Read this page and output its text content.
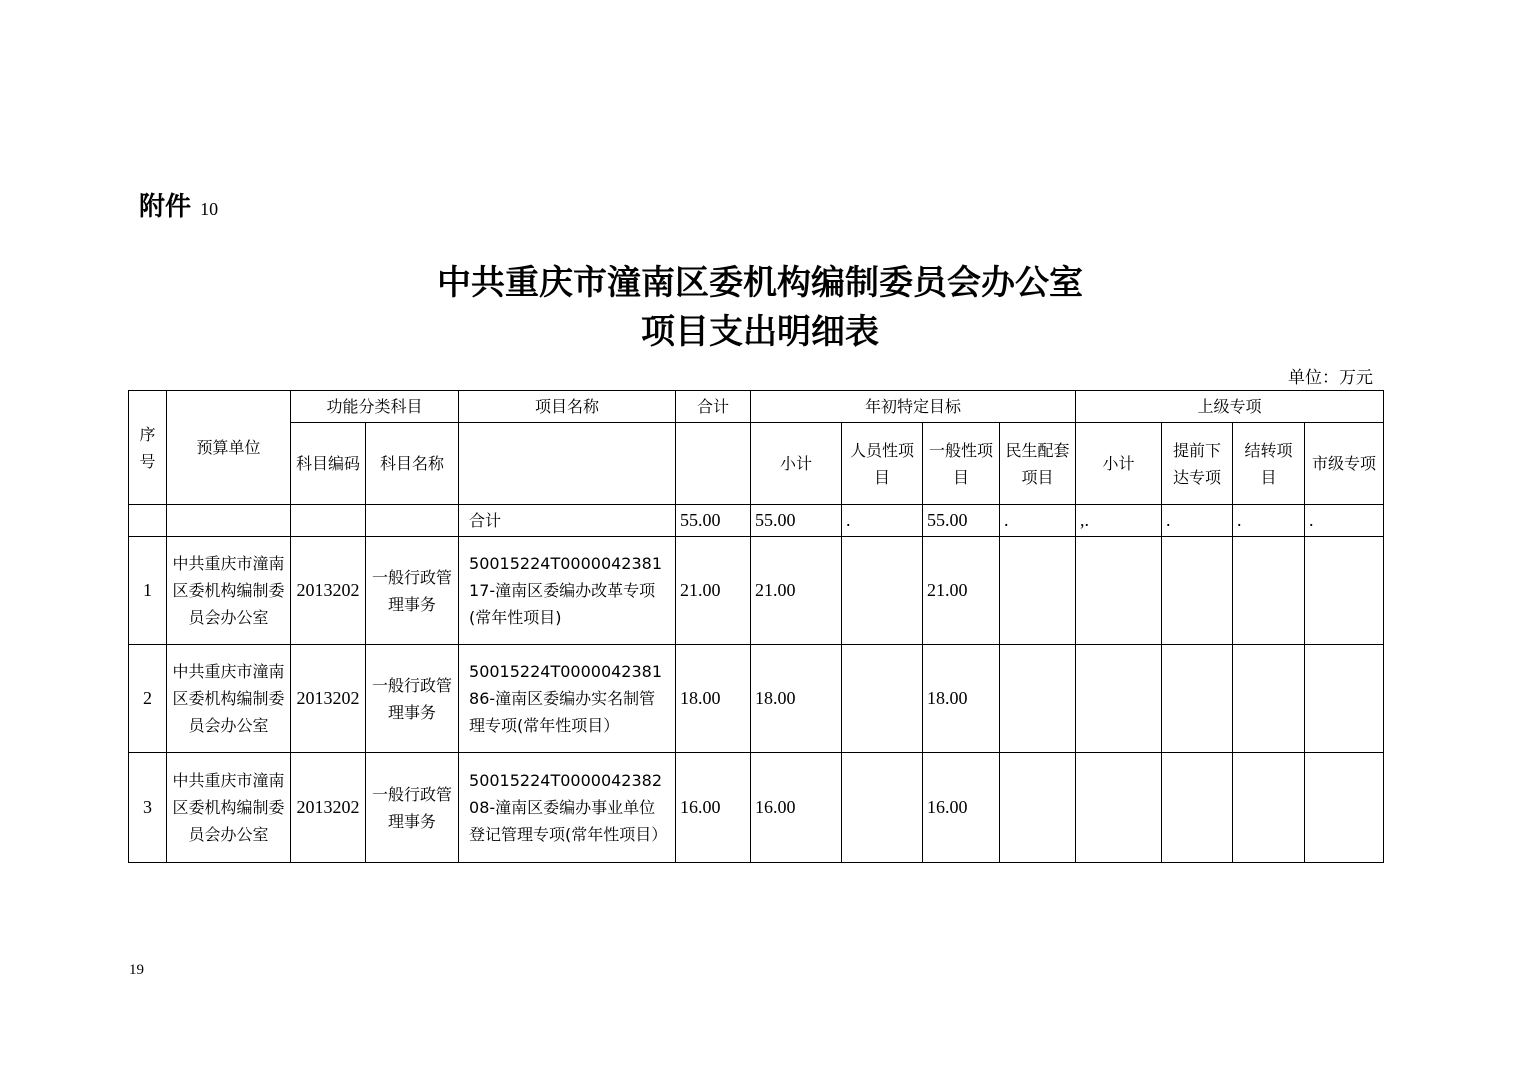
附件 10
中共重庆市潼南区委机构编制委员会办公室
项目支出明细表
单位：万元
序号	预算单位	功能分类科目		项目名称	合计	年初特定目标				上级专项			
		科目编码	科目名称			小计	人员性项目	一般性项目	民生配套项目	小计	提前下达专项	结转项目	市级专项
				合计	55.00	55.00	.	55.00	.	,.	.	.	.
1	中共重庆市潼南区委机构编制委员会办公室	2013202	一般行政管理事务	50015224T000004238117-潼南区委编办改革专项(常年性项目)	21.00	21.00		21.00					
2	中共重庆市潼南区委机构编制委员会办公室	2013202	一般行政管理事务	50015224T000004238186-潼南区委编办实名制管理专项(常年性项目）	18.00	18.00		18.00					
3	中共重庆市潼南区委机构编制委员会办公室	2013202	一般行政管理事务	50015224T000004238208-潼南区委编办事业单位登记管理专项(常年性项目）	16.00	16.00		16.00					
19
